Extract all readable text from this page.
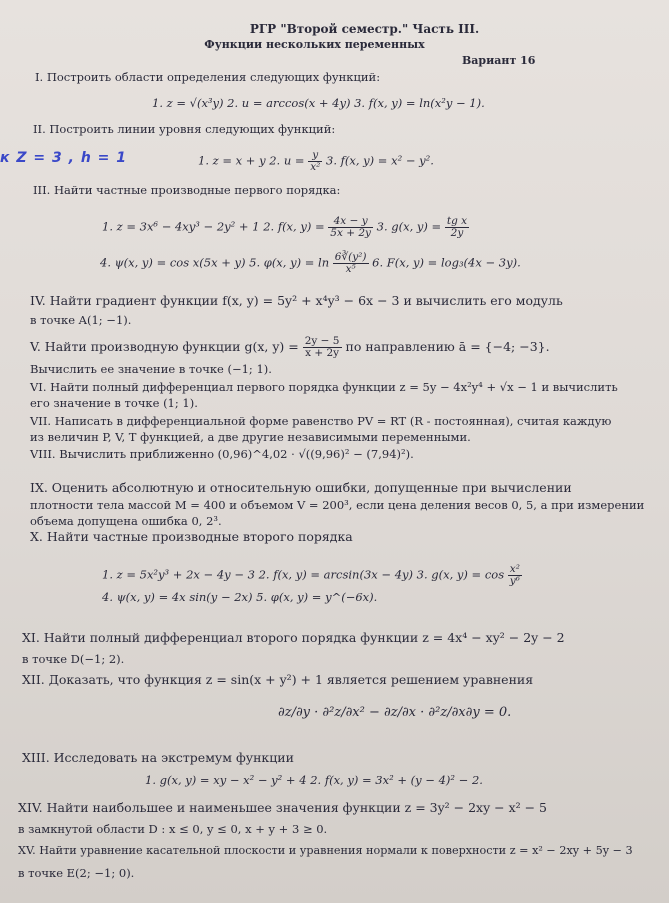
РГР "Второй семестр." Часть III.
Функции нескольких переменных
Вариант 16
I. Построить области определения следующих функций:
1. z = √(x³y) 2. u = arccos(x + 4y) 3. f(x, y) = ln(x²y − 1).
II. Построить линии уровня следующих функций:
к Z = 3 , h = 1	1. z = x + y 2. $u = \frac{y}{\text{x²}} 3$. f(x, y) = x² − y².
III. Найти частные производные первого порядка:
1. z = 3x⁶ − 4xy³ − 2y² + 1 2. f(x, $y) = \frac{4x - y}{5x + 2y} 3$. g(x, $y) = \frac{\text{tg x}}{2y}$
4. ψ(x, y) = cos x(5x + y) 5. φ(x, $y) = \ln \frac{\text{6∛(y²)}}{\text{x⁵}} 6$. F(x, y) = log₃(4x − 3y).
IV. Найти градиент функции f(x, y) = 5y² + x⁴y³ − 6x − 3 и вычислить его модуль
в точке A(1; −1).
V. Найти производную функции g(x, $y) = \frac{2y - 5}{x + 2y}$ по направлению ā = {−4; −3}.
Вычислить ее значение в точке (−1; 1).
VI. Найти полный дифференциал первого порядка функции z = 5y − 4x²y⁴ + √x − 1 и вычислить
его значение в точке (1; 1).
VII. Написать в дифференциальной форме равенство PV = RT (R - постоянная), считая каждую
из величин P, V, T функцией, а две другие независимыми переменными.
VIII. Вычислить приближенно (0,96)^4,02 · √((9,96)² − (7,94)²).
IX. Оценить абсолютную и относительную ошибки, допущенные при вычислении
плотности тела массой M = 400 и объемом V = 200³, если цена деления весов 0, 5, а при измерении
объема допущена ошибка 0, 2³.
X. Найти частные производные второго порядка
1. z = 5x²y³ + 2x − 4y − 3 2. f(x, y) = arcsin(3x − 4y) 3. g(x, $y) = \cos \frac{\text{x²}}{\text{y⁶}}$
4. ψ(x, y) = 4x sin(y − 2x) 5. φ(x, y) = y^(−6x).
XI. Найти полный дифференциал второго порядка функции z = 4x⁴ − xy² − 2y − 2
в точке D(−1; 2).
XII. Доказать, что функция z = sin(x + y²) + 1 является решением уравнения
∂z/∂y · ∂²z/∂x² − ∂z/∂x · ∂²z/∂x∂y = 0.
XIII. Исследовать на экстремум функции
1. g(x, y) = xy − x² − y² + 4 2. f(x, y) = 3x² + (y − 4)² − 2.
XIV. Найти наибольшее и наименьшее значения функции z = 3y² − 2xy − x² − 5
в замкнутой области D : x ≤ 0, y ≤ 0, x + y + 3 ≥ 0.
XV. Найти уравнение касательной плоскости и уравнения нормали к поверхности z = x² − 2xy + 5y − 3
в точке E(2; −1; 0).
